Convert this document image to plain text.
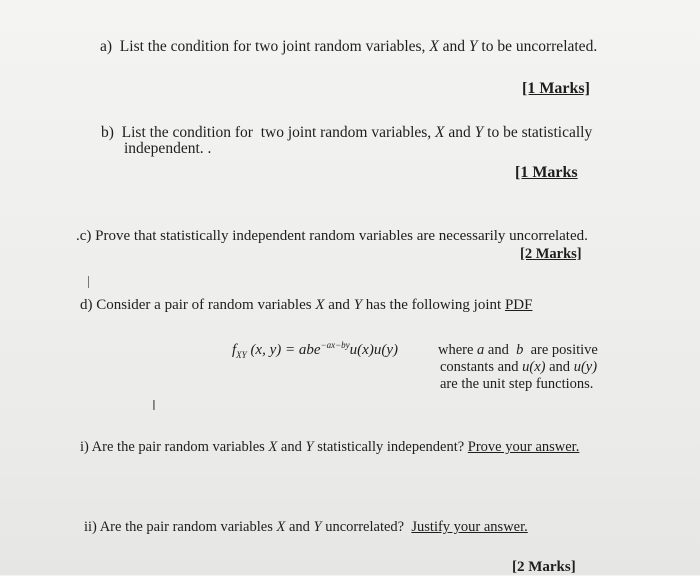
a)  List the condition for two joint random variables, X and Y to be uncorrelated.
[1 Marks]
b)  List the condition for  two joint random variables, X and Y to be statistically
independent. .
[1 Marks
.c) Prove that statistically independent random variables are necessarily uncorrelated.
[2 Marks]
d) Consider a pair of random variables X and Y has the following joint PDF
$f_{XY}$ (x, y) = abe$^{-ax-by}$u(x)u(y)	where a and  b  are positive
constants and u(x) and u(y)
are the unit step functions.
I
i) Are the pair random variables X and Y statistically independent? Prove your answer.
ii) Are the pair random variables X and Y uncorrelated?  Justify your answer.
[2 Marks]
